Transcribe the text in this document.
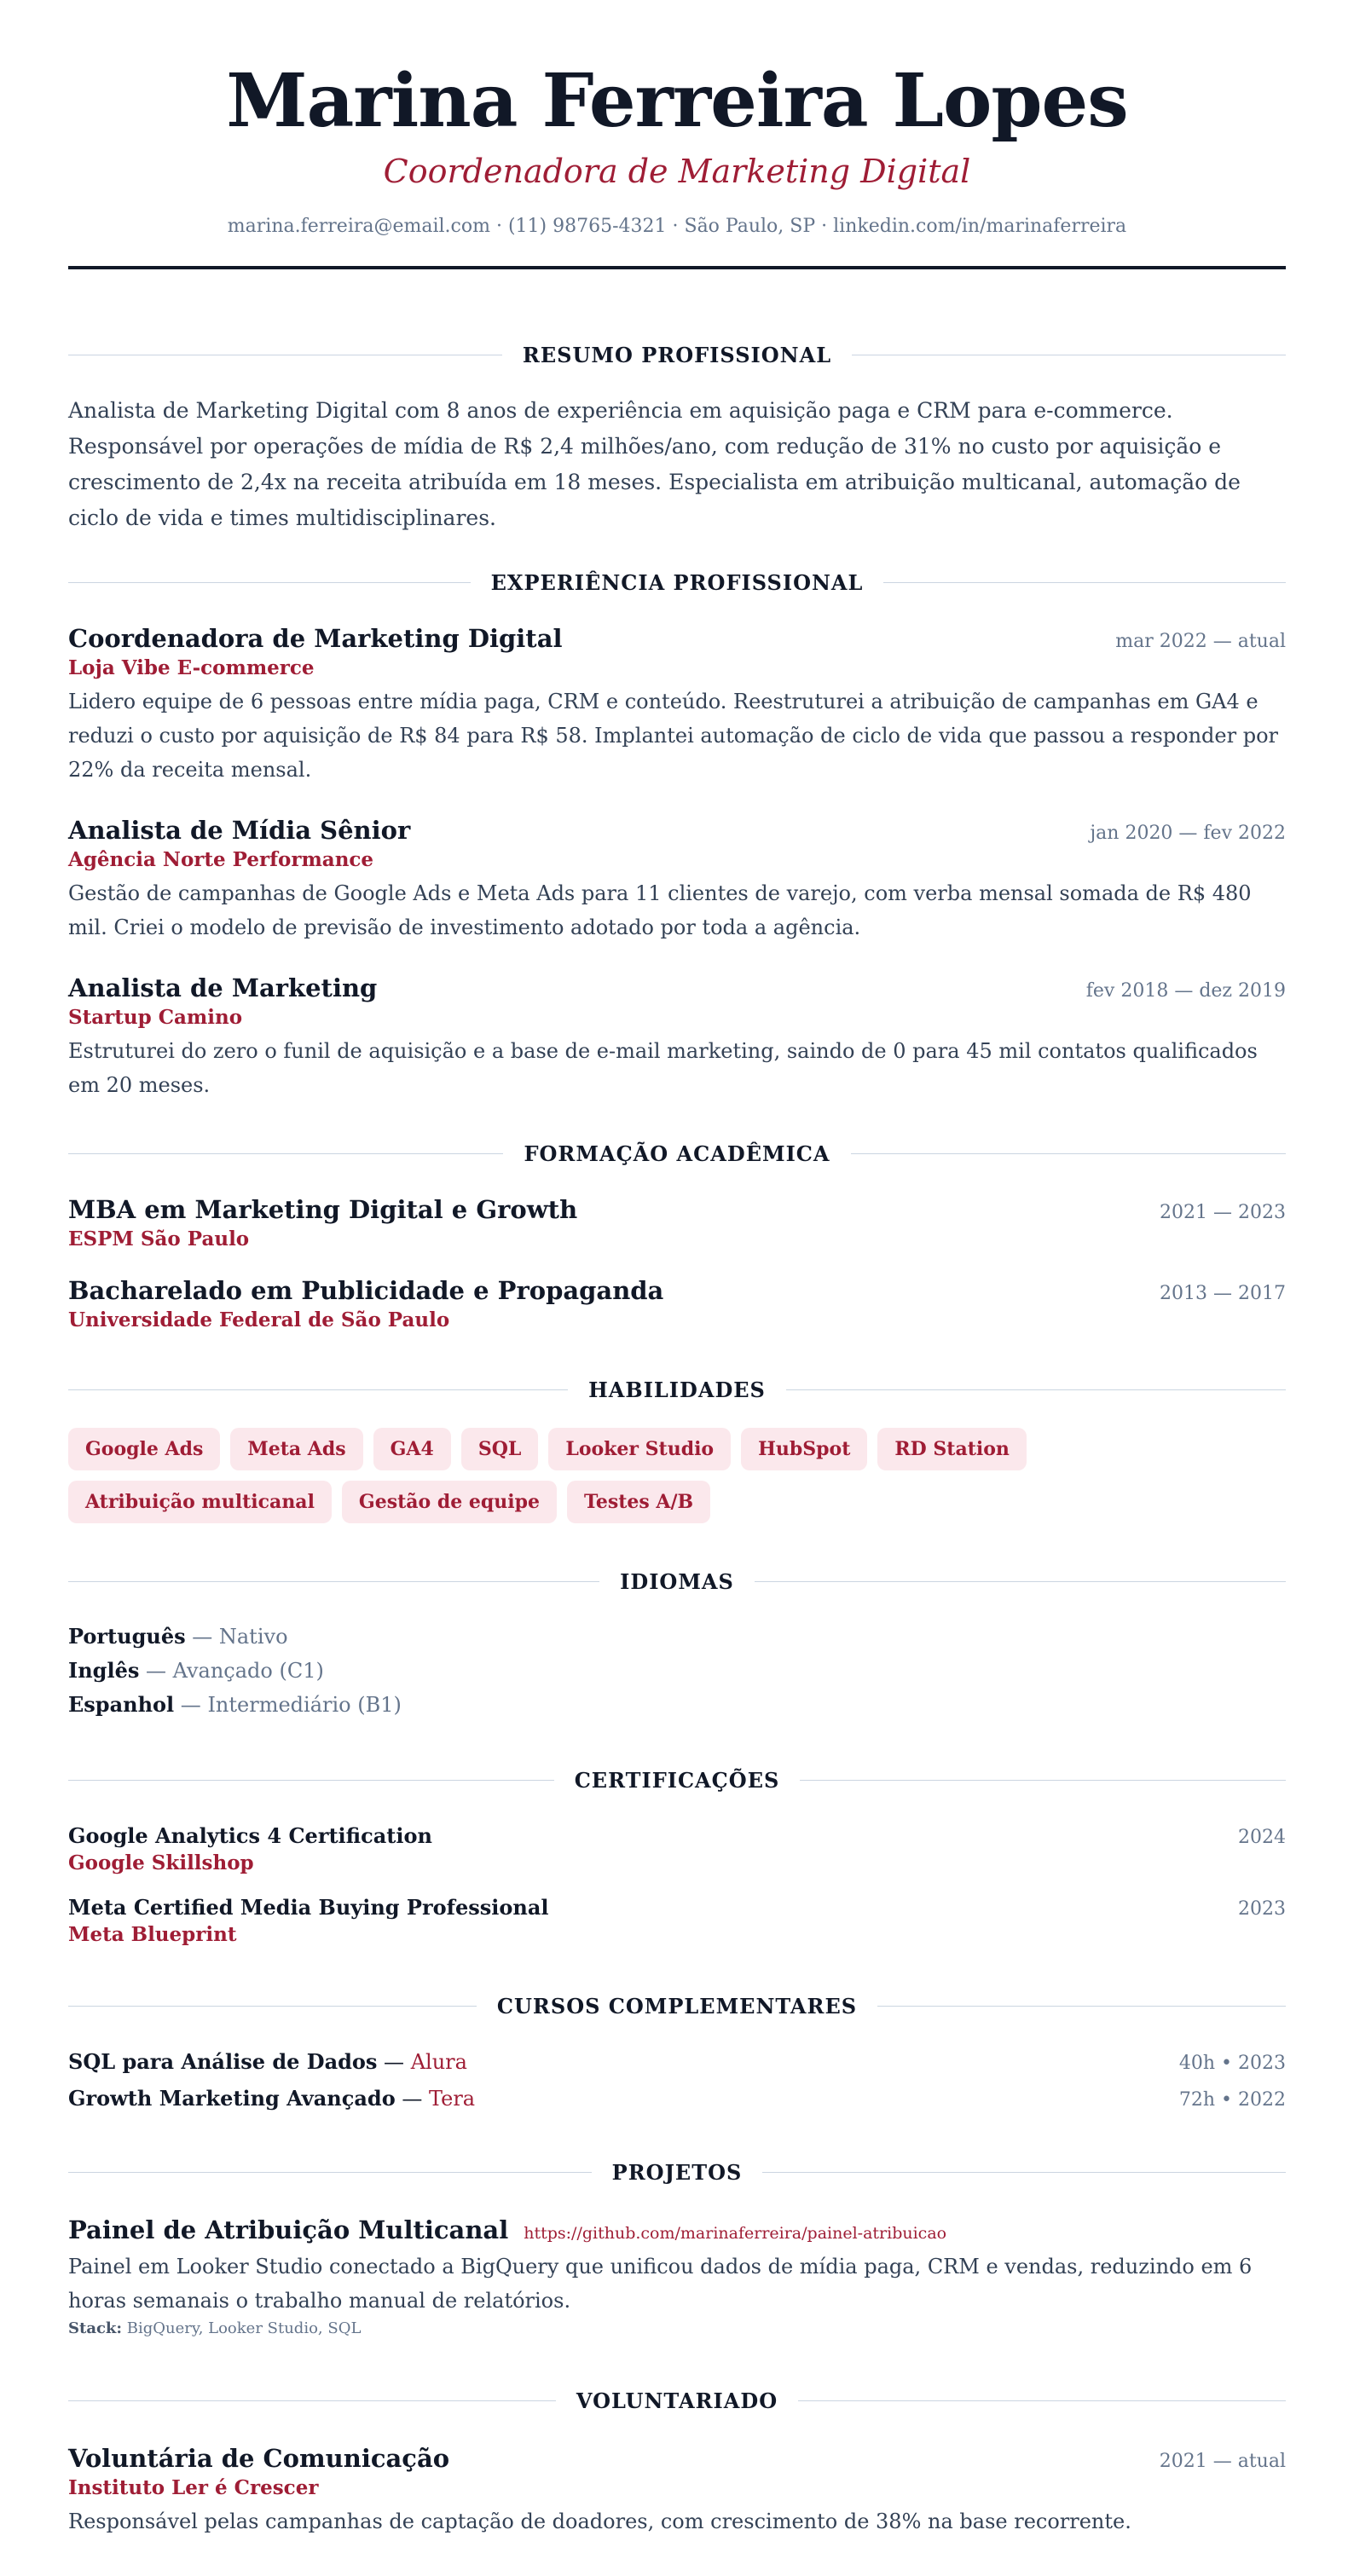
Marina Ferreira Lopes
Coordenadora de Marketing Digital
marina.ferreira@email.com · (11) 98765-4321 · São Paulo, SP · linkedin.com/in/marinaferreira
RESUMO PROFISSIONAL

Analista de Marketing Digital com 8 anos de experiência em aquisição paga e CRM para e-commerce. Responsável por operações de mídia de R$ 2,4 milhões/ano, com redução de 31% no custo por aquisição e crescimento de 2,4x na receita atribuída em 18 meses. Especialista em atribuição multicanal, automação de ciclo de vida e times multidisciplinares.

EXPERIÊNCIA PROFISSIONAL
Coordenadora de Marketing Digital	mar 2022 — atual
Loja Vibe E-commerce

Lidero equipe de 6 pessoas entre mídia paga, CRM e conteúdo. Reestruturei a atribuição de campanhas em GA4 e reduzi o custo por aquisição de R$ 84 para R$ 58. Implantei automação de ciclo de vida que passou a responder por 22% da receita mensal.

Analista de Mídia Sênior	jan 2020 — fev 2022
Agência Norte Performance

Gestão de campanhas de Google Ads e Meta Ads para 11 clientes de varejo, com verba mensal somada de R$ 480 mil. Criei o modelo de previsão de investimento adotado por toda a agência.

Analista de Marketing	fev 2018 — dez 2019
Startup Camino

Estruturei do zero o funil de aquisição e a base de e-mail marketing, saindo de 0 para 45 mil contatos qualificados em 20 meses.

FORMAÇÃO ACADÊMICA
MBA em Marketing Digital e Growth	2021 — 2023
ESPM São Paulo
Bacharelado em Publicidade e Propaganda	2013 — 2017
Universidade Federal de São Paulo
HABILIDADES
Google Ads	Meta Ads	GA4	SQL	Looker Studio	HubSpot	RD Station
Atribuição multicanal	Gestão de equipe	Testes A/B
IDIOMAS
Português — Nativo
Inglês — Avançado (C1)
Espanhol — Intermediário (B1)
CERTIFICAÇÕES
Google Analytics 4 Certification	2024
Google Skillshop
Meta Certified Media Buying Professional	2023
Meta Blueprint
CURSOS COMPLEMENTARES
SQL para Análise de Dados — Alura	40h • 2023
Growth Marketing Avançado — Tera	72h • 2022
PROJETOS
Painel de Atribuição Multicanal https://github.com/marinaferreira/painel-atribuicao

Painel em Looker Studio conectado a BigQuery que unificou dados de mídia paga, CRM e vendas, reduzindo em 6 horas semanais o trabalho manual de relatórios.

Stack: BigQuery, Looker Studio, SQL
VOLUNTARIADO
Voluntária de Comunicação	2021 — atual
Instituto Ler é Crescer

Responsável pelas campanhas de captação de doadores, com crescimento de 38% na base recorrente.
